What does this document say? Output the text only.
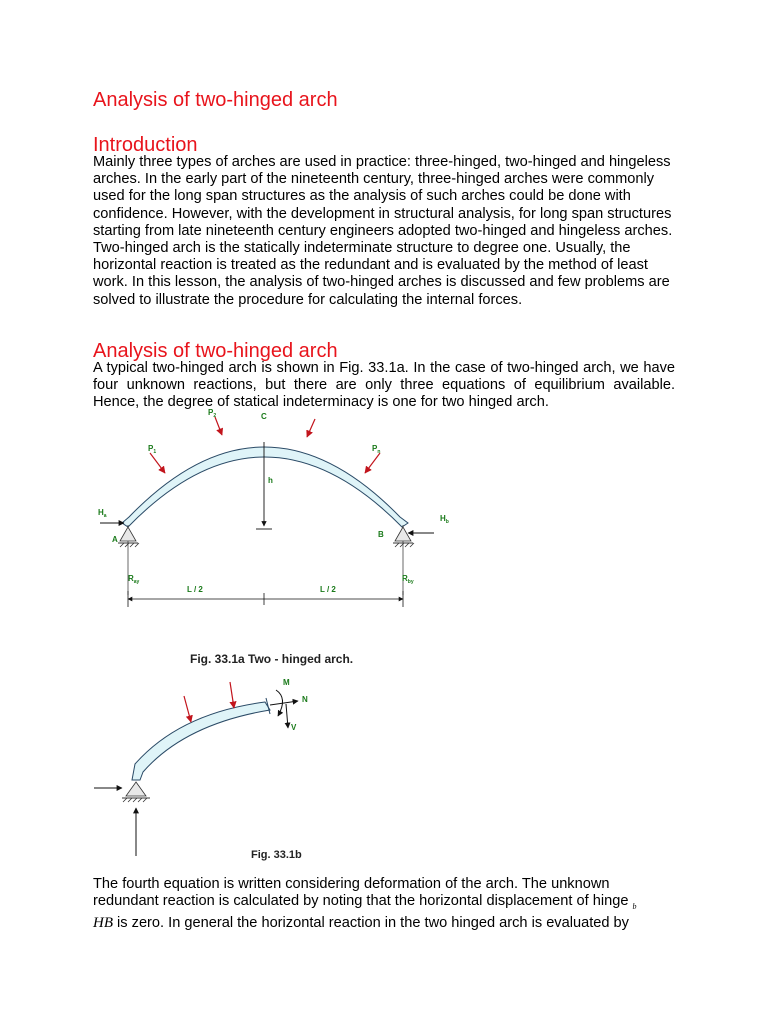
Analysis of two-hinged arch
Introduction

Mainly three types of arches are used in practice: three-hinged, two-hinged and hingeless arches. In the early part of the nineteenth century, three-hinged arches were commonly used for the long span structures as the analysis of such arches could be done with confidence. However, with the development in structural analysis, for long span structures starting from late nineteenth century engineers adopted two-hinged and hingeless arches. Two-hinged arch is the statically indeterminate structure to degree one. Usually, the horizontal reaction is treated as the redundant and is evaluated by the method of least work. In this lesson, the analysis of two-hinged arches is discussed and few problems are solved to illustrate the procedure for calculating the internal forces.

Analysis of two-hinged arch

A typical two-hinged arch is shown in Fig. 33.1a. In the case of two-hinged arch, we have four unknown reactions, but there are only three equations of equilibrium available. Hence, the degree of statical indeterminacy is one for two hinged arch.

$P_1$
$P_2$	C
h
$P_n$
$H_a$	$H_b$
A
B
$R_{ay}$	$R_{by}$
L / 2	L / 2
Fig. 33.1a Two - hinged arch.
M
N
V
Fig. 33.1b
The fourth equation is written considering deformation of the arch. The unknown
redundant reaction is calculated by noting that the horizontal displacement of hinge $_b$
HB is zero. In general the horizontal reaction in the two hinged arch is evaluated by
